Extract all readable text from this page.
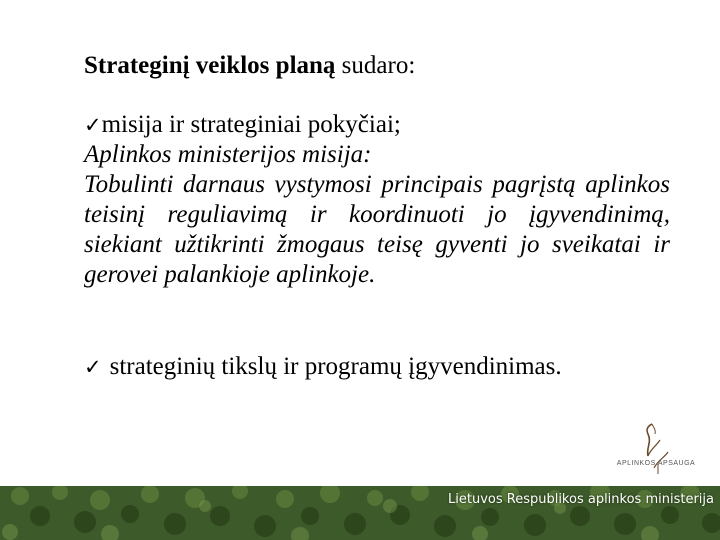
Strateginį veiklos planą sudaro:
✓misija ir strateginiai pokyčiai;
Aplinkos ministerijos misija:
Tobulinti darnaus vystymosi principais pagrįstą aplinkos teisinį reguliavimą ir koordinuoti jo įgyvendinimą, siekiant užtikrinti žmogaus teisę gyventi jo sveikatai ir gerovei palankioje aplinkoje.
✓ strateginių tikslų ir programų įgyvendinimas.
APLINKOS APSAUGA
Lietuvos Respublikos aplinkos ministerija
